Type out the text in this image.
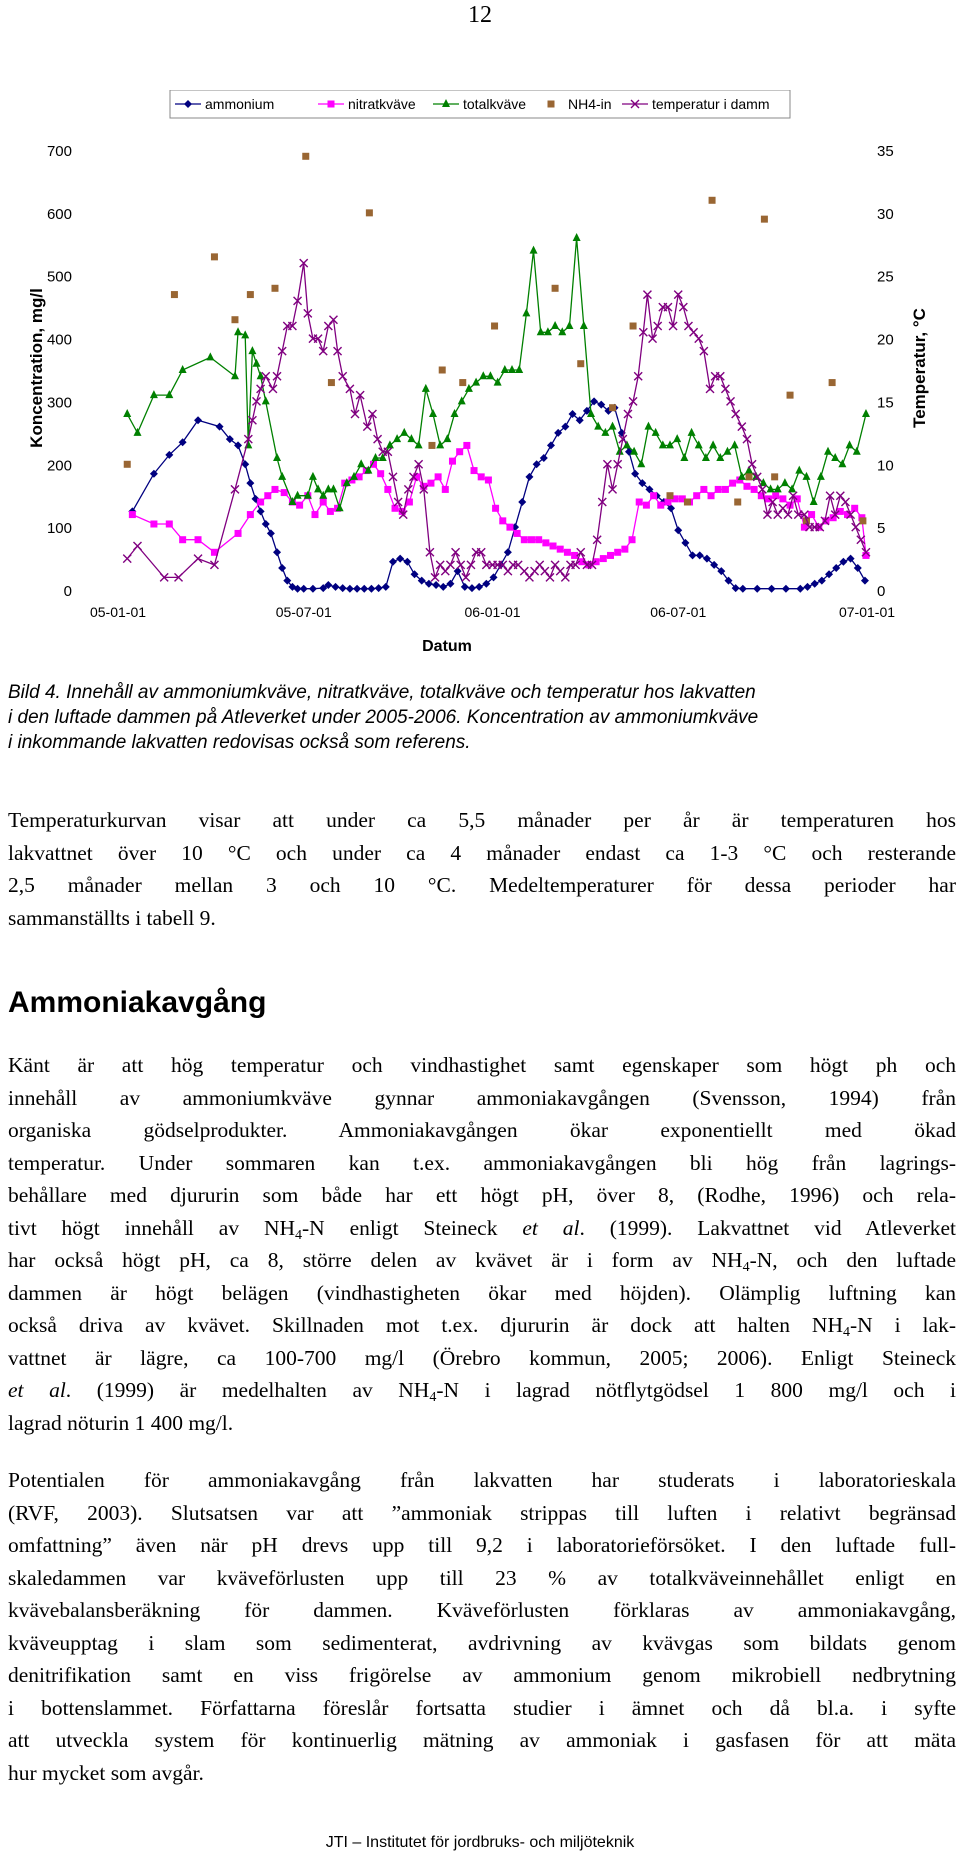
12
ammonium	nitratkväve	totalkväve	NH4-in	temperatur i damm
0
100
200
300
400
500
600
700
0
5
10
15
20
25
30
35
05-01-01	05-07-01	06-01-01	06-07-01	07-01-01
Koncentration, mg/l	Temperatur, °C
Datum

Bild 4. Innehåll av ammoniumkväve, nitratkväve, totalkväve och temperatur hos lakvatten
i den luftade dammen på Atleverket under 2005-2006. Koncentration av ammoniumkväve
i inkommande lakvatten redovisas också som referens.

Temperaturkurvan visar att under ca 5,5 månader per år är temperaturen hos
lakvattnet över 10 °C och under ca 4 månader endast ca 1-3 °C och resterande
2,5 månader mellan 3 och 10 °C. Medeltemperaturer för dessa perioder har
sammanställts i tabell 9.

Ammoniakavgång

Känt är att hög temperatur och vindhastighet samt egenskaper som högt ph och
innehåll av ammoniumkväve gynnar ammoniakavgången (Svensson, 1994) från
organiska gödselprodukter. Ammoniakavgången ökar exponentiellt med ökad
temperatur. Under sommaren kan t.ex. ammoniakavgången bli hög från lagrings-
behållare med djururin som både har ett högt pH, över 8, (Rodhe, 1996) och rela-
tivt högt innehåll av $NH_4-N$ enligt Steineck et al. (1999). Lakvattnet vid Atleverket
har också högt pH, ca 8, större delen av kvävet är i form av $NH_4-N$, och den luftade
dammen är högt belägen (vindhastigheten ökar med höjden). Olämplig luftning kan
också driva av kvävet. Skillnaden mot t.ex. djururin är dock att halten $NH_4-N$ i lak-
vattnet är lägre, ca 100-700 mg/l (Örebro kommun, 2005; 2006). Enligt Steineck
et al. (1999) är medelhalten av $NH_4-N$ i lagrad nötflytgödsel 1 800 mg/l och i
lagrad nöturin 1 400 mg/l.

Potentialen för ammoniakavgång från lakvatten har studerats i laboratorieskala
(RVF, 2003). Slutsatsen var att ”ammoniak strippas till luften i relativt begränsad
omfattning” även när pH drevs upp till 9,2 i laboratorieförsöket. I den luftade full-
skaledammen var kväveförlusten upp till 23 % av totalkväveinnehållet enligt en
kvävebalansberäkning för dammen. Kväveförlusten förklaras av ammoniakavgång,
kväveupptag i slam som sedimenterat, avdrivning av kvävgas som bildats genom
denitrifikation samt en viss frigörelse av ammonium genom mikrobiell nedbrytning
i bottenslammet. Författarna föreslår fortsatta studier i ämnet och då bl.a. i syfte
att utveckla system för kontinuerlig mätning av ammoniak i gasfasen för att mäta
hur mycket som avgår.

JTI – Institutet för jordbruks- och miljöteknik
